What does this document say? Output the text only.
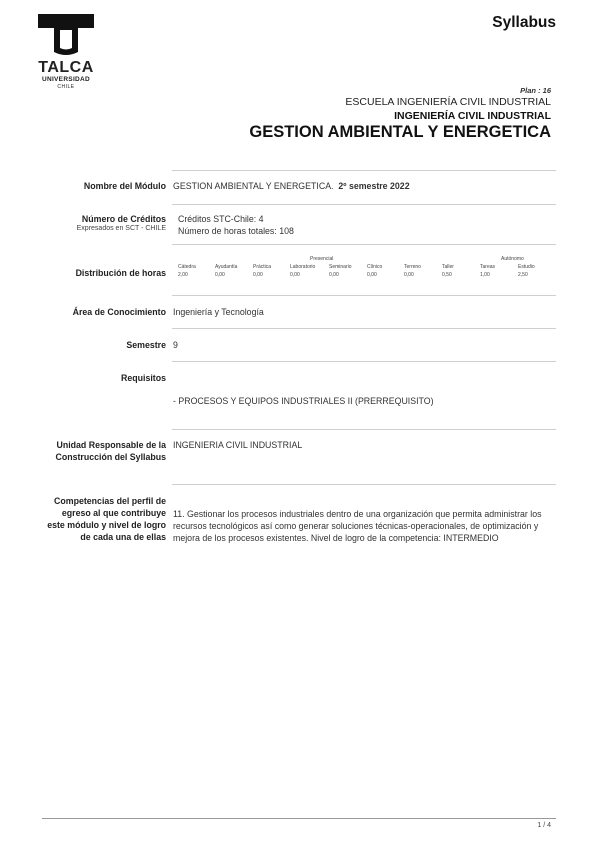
TALCA
UNIVERSIDAD
CHILE
Syllabus
Plan : 16
ESCUELA INGENIERÍA CIVIL INDUSTRIAL
INGENIERÍA CIVIL INDUSTRIAL
GESTION AMBIENTAL Y ENERGETICA
Nombre del Módulo GESTION AMBIENTAL Y ENERGETICA. 2º semestre 2022
Número de Créditos
Expresados en SCT - CHILE
Créditos STC-Chile: 4
Número de horas totales: 108
Distribución de horas
Presencial	Autónomo
Cátedra	Ayudantía	Práctica	Laboratorio	Seminario	Clínico	Terreno	Taller	Tareas	Estudio
2,00	0,00	0,00	0,00	0,00	0,00	0,00	0,50	1,00	2,50
Área de Conocimiento Ingeniería y Tecnología
Semestre 9
Requisitos
- PROCESOS Y EQUIPOS INDUSTRIALES II (PRERREQUISITO)
Unidad Responsable de la
Construcción del Syllabus
INGENIERIA CIVIL INDUSTRIAL
Competencias del perfil de
egreso al que contribuye
este módulo y nivel de logro
de cada una de ellas
11. Gestionar los procesos industriales dentro de una organización que permita administrar los recursos tecnológicos así como generar soluciones técnicas-operacionales, de optimización y mejora de los procesos existentes. Nivel de logro de la competencia: INTERMEDIO
1 / 4
